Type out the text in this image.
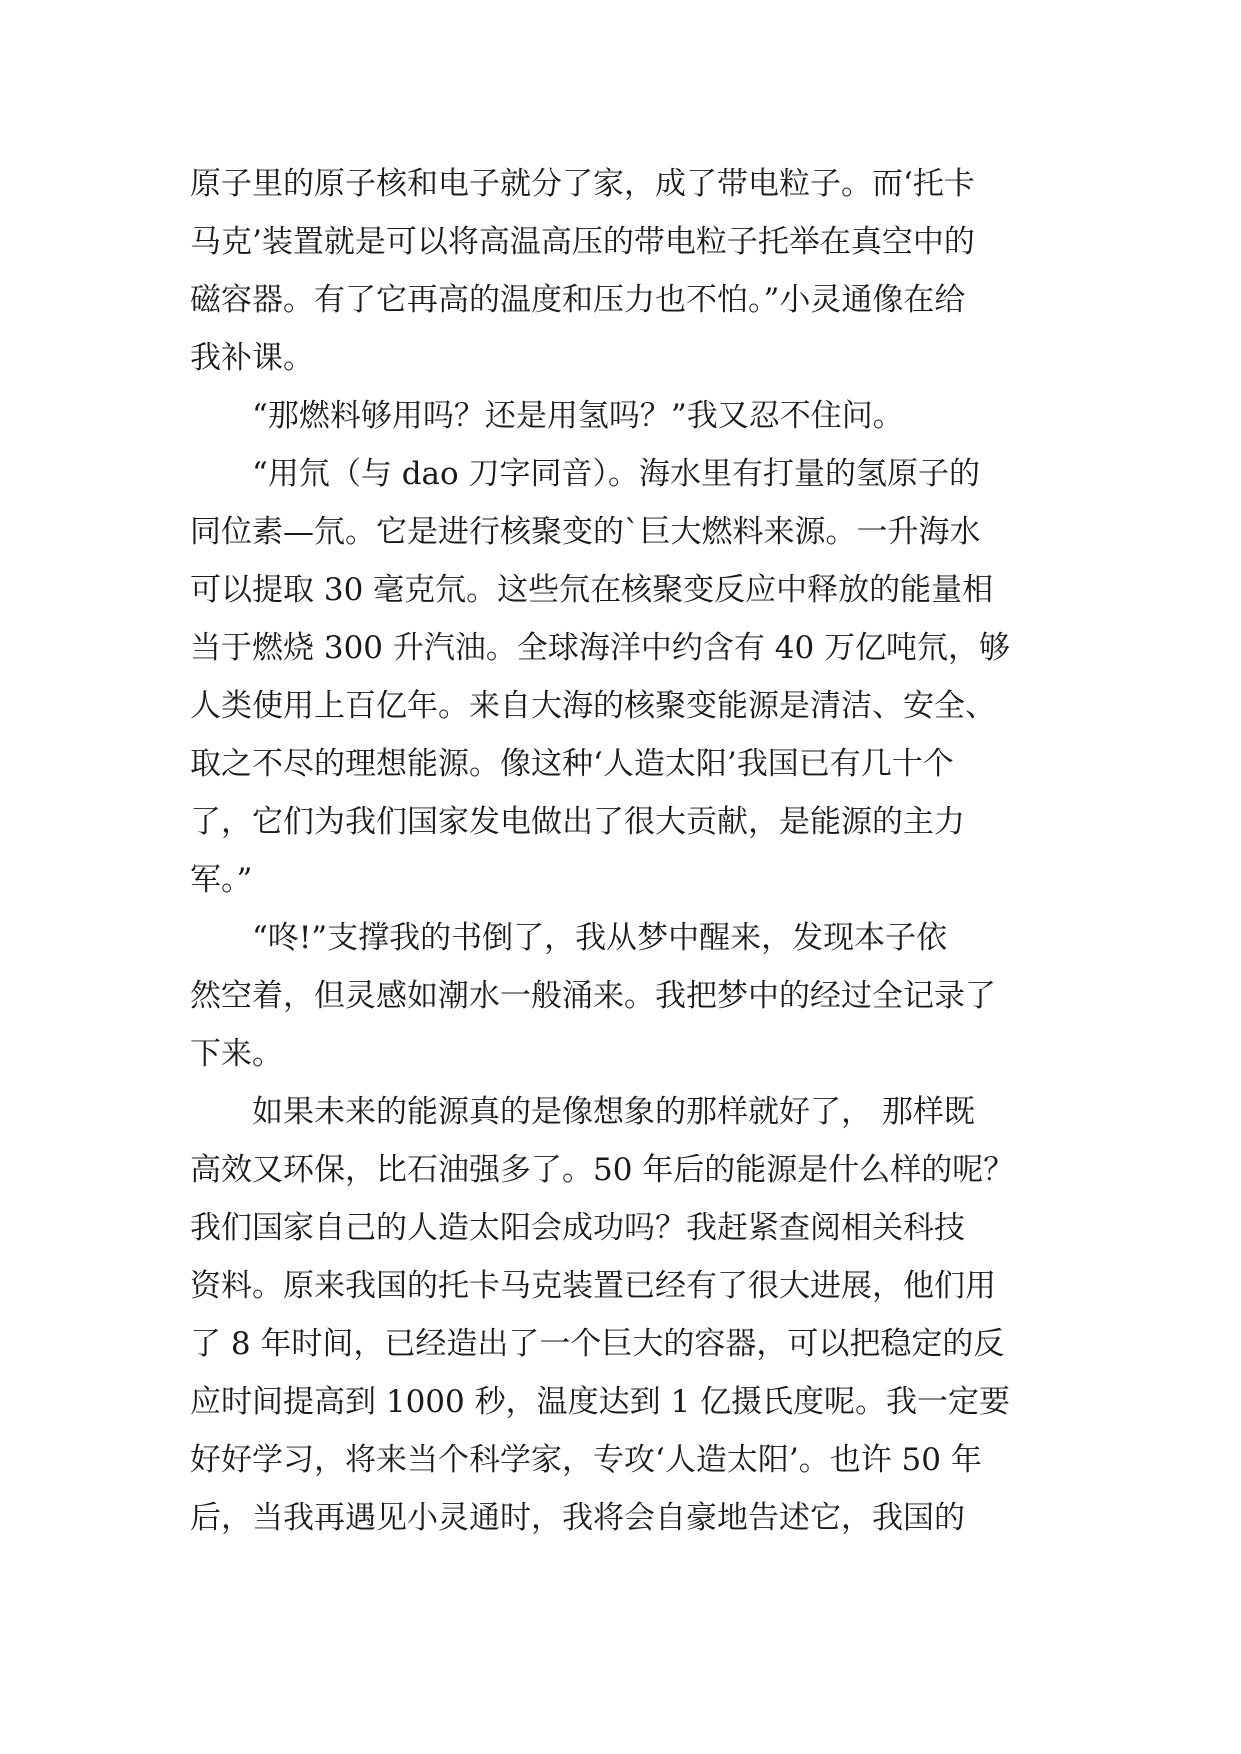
原子里的原子核和电子就分了家，成了带电粒子。而‘托卡
马克’装置就是可以将高温高压的带电粒子托举在真空中的
磁容器。有了它再高的温度和压力也不怕。”小灵通像在给
我补课。
“那燃料够用吗？还是用氢吗？”我又忍不住问。
“用氘（与 dao 刀字同音）。海水里有打量的氢原子的
同位素—氘。它是进行核聚变的`巨大燃料来源。一升海水
可以提取 30 毫克氘。这些氘在核聚变反应中释放的能量相
当于燃烧 300 升汽油。全球海洋中约含有 40 万亿吨氘，够
人类使用上百亿年。来自大海的核聚变能源是清洁、安全、
取之不尽的理想能源。像这种‘人造太阳’我国已有几十个
了，它们为我们国家发电做出了很大贡献，是能源的主力
军。”
“咚!”支撑我的书倒了，我从梦中醒来，发现本子依
然空着，但灵感如潮水一般涌来。我把梦中的经过全记录了
下来。
如果未来的能源真的是像想象的那样就好了， 那样既
高效又环保，比石油强多了。50 年后的能源是什么样的呢？
我们国家自己的人造太阳会成功吗？我赶紧查阅相关科技
资料。原来我国的托卡马克装置已经有了很大进展，他们用
了 8 年时间，已经造出了一个巨大的容器，可以把稳定的反
应时间提高到 1000 秒，温度达到 1 亿摄氏度呢。我一定要
好好学习，将来当个科学家，专攻‘人造太阳’。也许 50 年
后，当我再遇见小灵通时，我将会自豪地告述它，我国的
